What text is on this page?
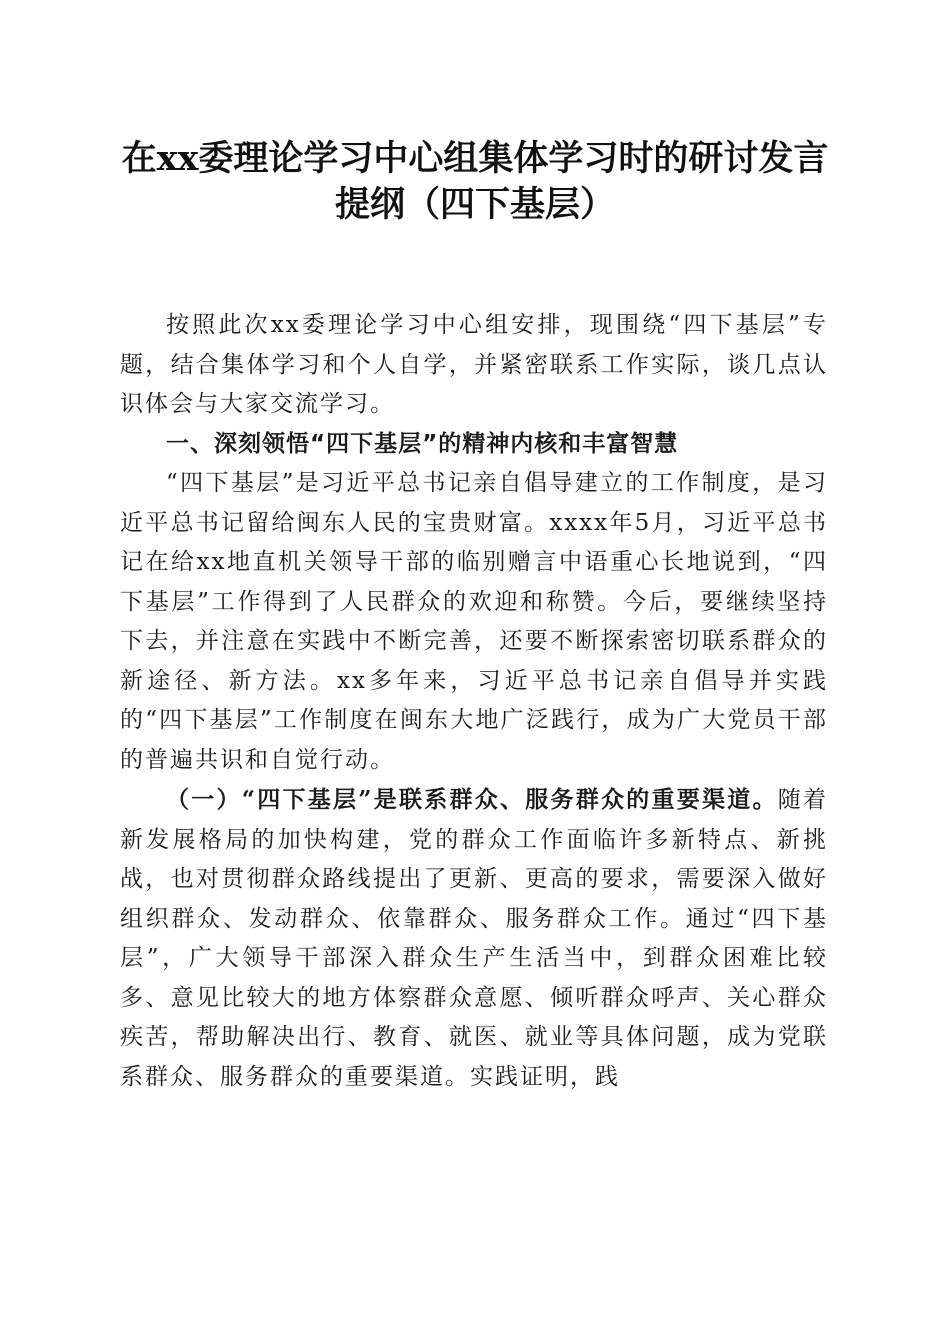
在xx委理论学习中心组集体学习时的研讨发言提纲（四下基层）

按照此次xx委理论学习中心组安排，现围绕“四下基层”专题，结合集体学习和个人自学，并紧密联系工作实际，谈几点认识体会与大家交流学习。

一、深刻领悟“四下基层”的精神内核和丰富智慧

“四下基层”是习近平总书记亲自倡导建立的工作制度，是习近平总书记留给闽东人民的宝贵财富。xxxx年5月，习近平总书记在给xx地直机关领导干部的临别赠言中语重心长地说到，“四下基层”工作得到了人民群众的欢迎和称赞。今后，要继续坚持下去，并注意在实践中不断完善，还要不断探索密切联系群众的新途径、新方法。xx多年来，习近平总书记亲自倡导并实践的“四下基层”工作制度在闽东大地广泛践行，成为广大党员干部的普遍共识和自觉行动。

（一）“四下基层”是联系群众、服务群众的重要渠道。随着新发展格局的加快构建，党的群众工作面临许多新特点、新挑战，也对贯彻群众路线提出了更新、更高的要求，需要深入做好组织群众、发动群众、依靠群众、服务群众工作。通过“四下基层”，广大领导干部深入群众生产生活当中，到群众困难比较多、意见比较大的地方体察群众意愿、倾听群众呼声、关心群众疾苦，帮助解决出行、教育、就医、就业等具体问题，成为党联系群众、服务群众的重要渠道。实践证明，践
